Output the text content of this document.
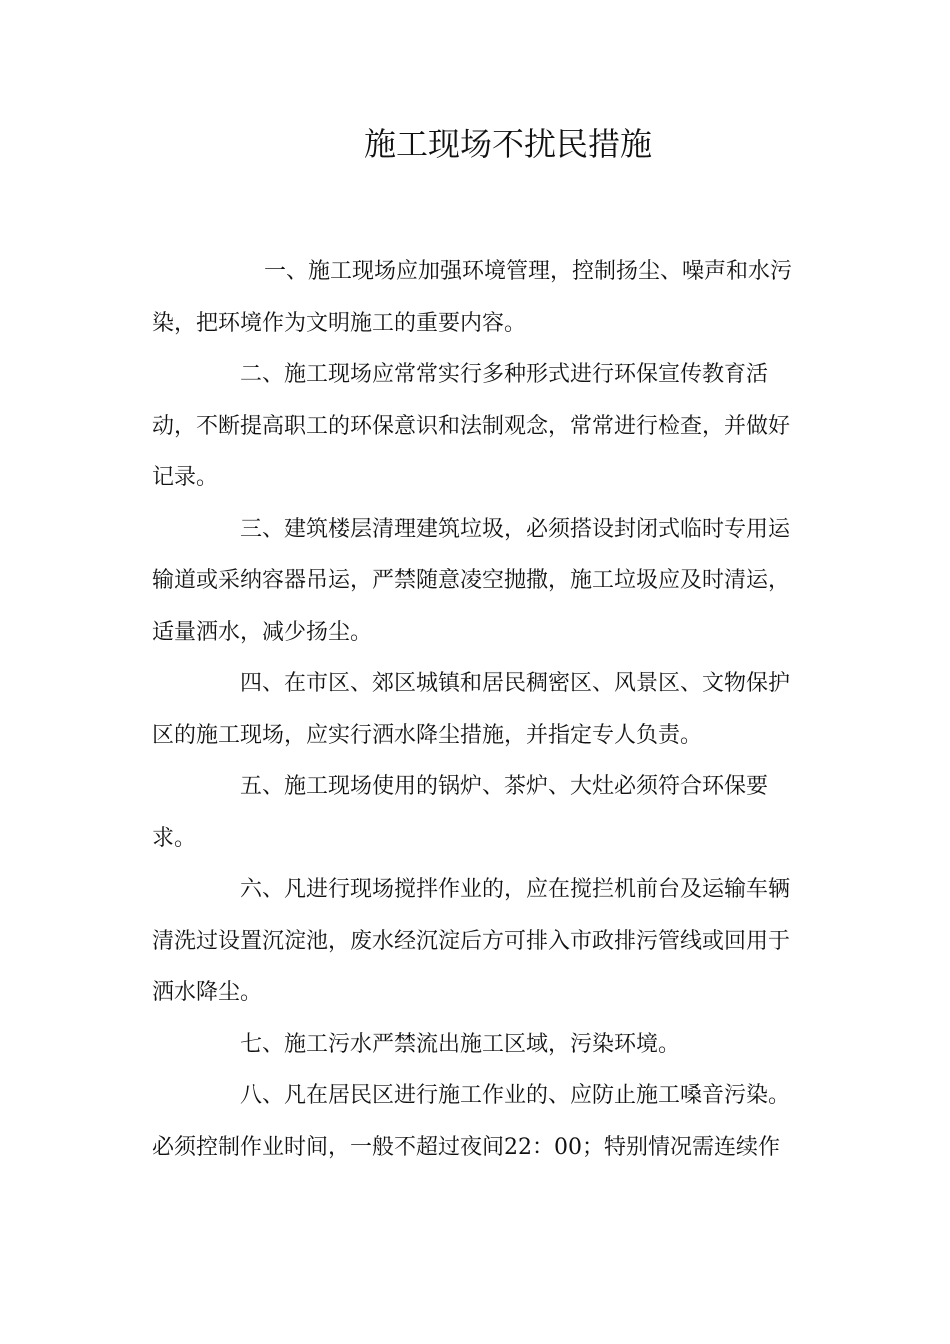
施工现场不扰民措施

一、施工现场应加强环境管理，控制扬尘、噪声和水污染，把环境作为文明施工的重要内容。

二、施工现场应常常实行多种形式进行环保宣传教育活动，不断提高职工的环保意识和法制观念，常常进行检查，并做好记录。

三、建筑楼层清理建筑垃圾，必须搭设封闭式临时专用运输道或采纳容器吊运，严禁随意凌空抛撒，施工垃圾应及时清运，适量洒水，减少扬尘。

四、在市区、郊区城镇和居民稠密区、风景区、文物保护区的施工现场，应实行洒水降尘措施，并指定专人负责。

五、施工现场使用的锅炉、茶炉、大灶必须符合环保要求。

六、凡进行现场搅拌作业的，应在搅拦机前台及运输车辆清洗过设置沉淀池，废水经沉淀后方可排入市政排污管线或回用于洒水降尘。

七、施工污水严禁流出施工区域，污染环境。

八、凡在居民区进行施工作业的、应防止施工嗓音污染。必须控制作业时间，一般不超过夜间22：00；特别情况需连续作
